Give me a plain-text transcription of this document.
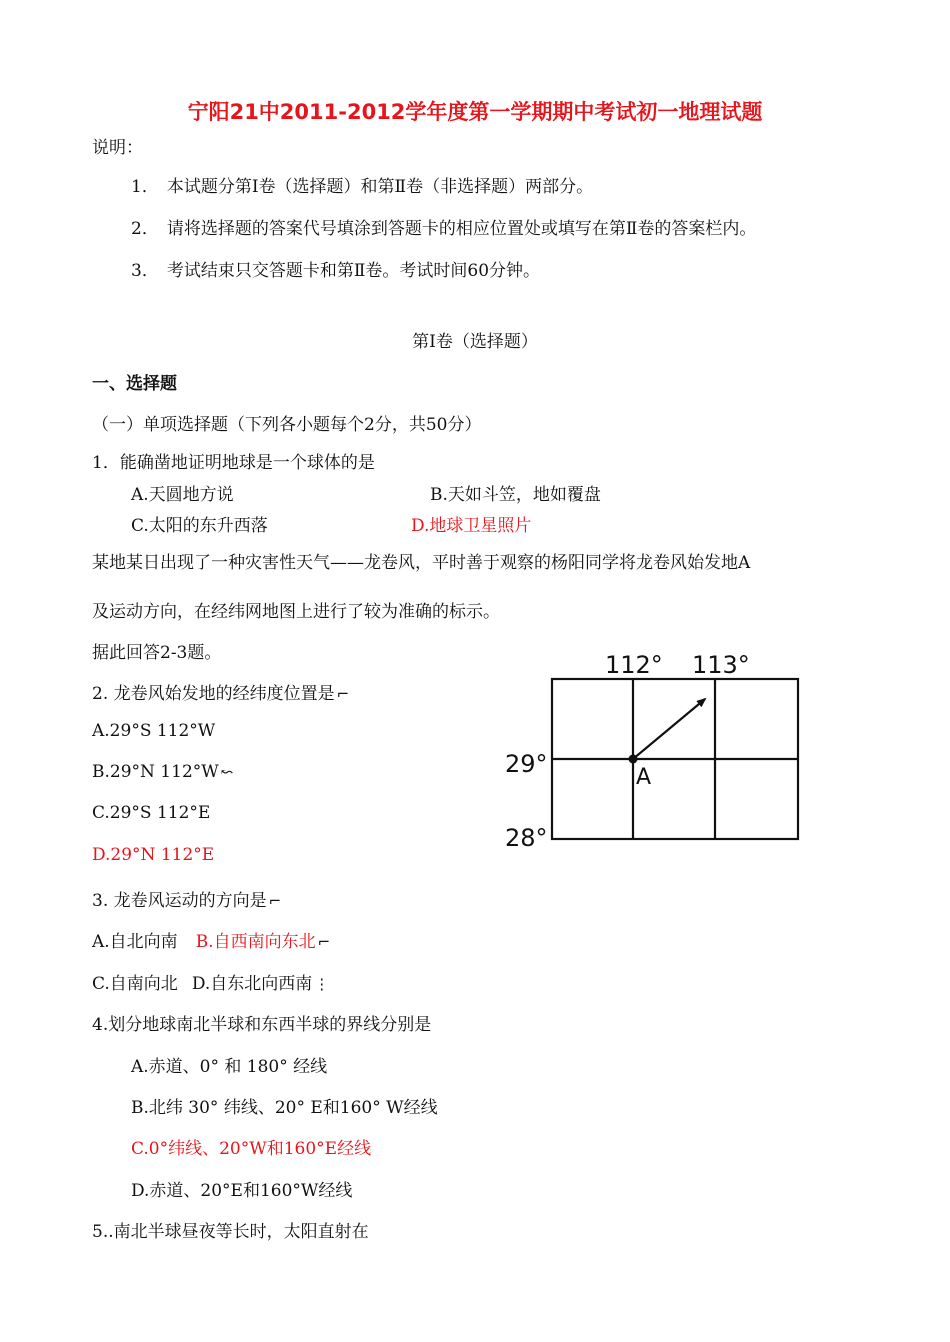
宁阳21中2011-2012学年度第一学期期中考试初一地理试题
说明：
1． 本试题分第Ⅰ卷（选择题）和第Ⅱ卷（非选择题）两部分。
2． 请将选择题的答案代号填涂到答题卡的相应位置处或填写在第Ⅱ卷的答案栏内。
3． 考试结束只交答题卡和第Ⅱ卷。考试时间60分钟。
第Ⅰ卷（选择题）
一、选择题
（一）单项选择题（下列各小题每个2分，共50分）
1．能确凿地证明地球是一个球体的是
A.天圆地方说	B.天如斗笠，地如覆盘
C.太阳的东升西落	D.地球卫星照片
某地某日出现了一种灾害性天气——龙卷风，平时善于观察的杨阳同学将龙卷风始发地A
及运动方向，在经纬网地图上进行了较为准确的标示。
据此回答2-3题。
2. 龙卷风始发地的经纬度位置是 ⌐
A.29°S 112°W
B.29°N 112°W ↜
C.29°S 112°E
D.29°N 112°E
3. 龙卷风运动的方向是 ⌐
A.自北向南 B.自西南向东北 ⌐
C.自南向北 D.自东北向西南 ⋮
4.划分地球南北半球和东西半球的界线分别是
A.赤道、0° 和 180° 经线
B.北纬 30° 纬线、20° E和160° W经线
C.0°纬线、20°W和160°E经线
D.赤道、20°E和160°W经线
5..南北半球昼夜等长时，太阳直射在
112° 113°
29°
28°
A
